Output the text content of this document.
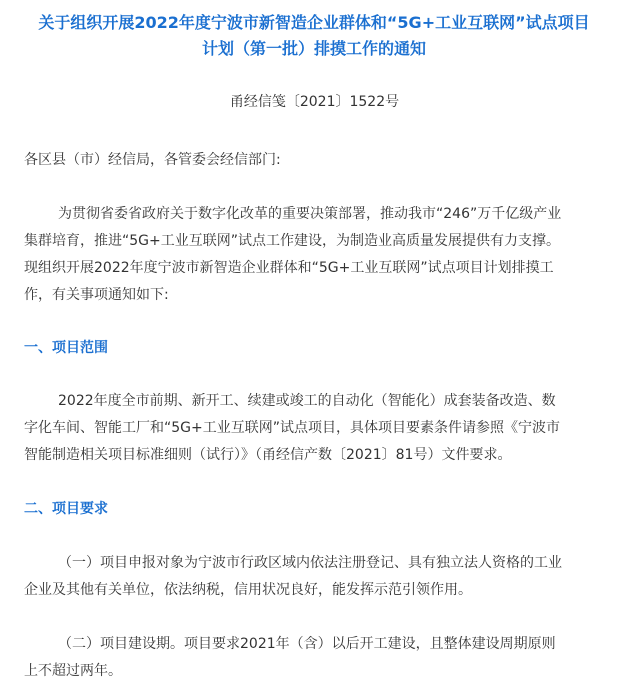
关于组织开展2022年度宁波市新智造企业群体和“5G+工业互联网”试点项目
计划（第一批）排摸工作的通知
甬经信笺〔2021〕1522号
各区县（市）经信局，各管委会经信部门:
为贯彻省委省政府关于数字化改革的重要决策部署，推动我市“246”万千亿级产业
集群培育，推进“5G+工业互联网”试点工作建设，为制造业高质量发展提供有力支撑。
现组织开展2022年度宁波市新智造企业群体和“5G+工业互联网”试点项目计划排摸工
作，有关事项通知如下:
一、项目范围
2022年度全市前期、新开工、续建或竣工的自动化（智能化）成套装备改造、数
字化车间、智能工厂和“5G+工业互联网”试点项目，具体项目要素条件请参照《宁波市
智能制造相关项目标准细则（试行）》（甬经信产数〔2021〕81号）文件要求。
二、项目要求
（一）项目申报对象为宁波市行政区域内依法注册登记、具有独立法人资格的工业
企业及其他有关单位，依法纳税，信用状况良好，能发挥示范引领作用。
（二）项目建设期。项目要求2021年（含）以后开工建设，且整体建设周期原则
上不超过两年。
